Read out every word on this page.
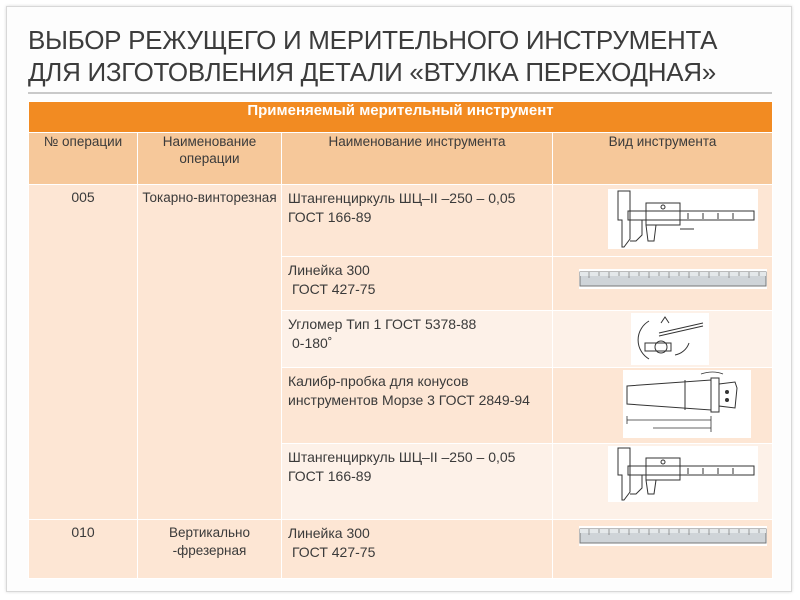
ВЫБОР РЕЖУЩЕГО И МЕРИТЕЛЬНОГО ИНСТРУМЕНТА
ДЛЯ ИЗГОТОВЛЕНИЯ ДЕТАЛИ «ВТУЛКА ПЕРЕХОДНАЯ»
Применяемый мерительный инструмент			
№ операции	Наименование операции	Наименование инструмента	Вид инструмента
005	Токарно-винторезная	Штангенциркуль ШЦ–II –250 – 0,05 ГОСТ 166-89	

		Линейка 300
ГОСТ 427-75

		Угломер Тип 1 ГОСТ 5378-88
0-180˚

		Калибр-пробка для конусов инструментов Морзе 3 ГОСТ 2849-94	

		Штангенциркуль ШЦ–II –250 – 0,05 ГОСТ 166-89	

010	Вертикально -фрезерная	Линейка 300
ГОСТ 427-75
